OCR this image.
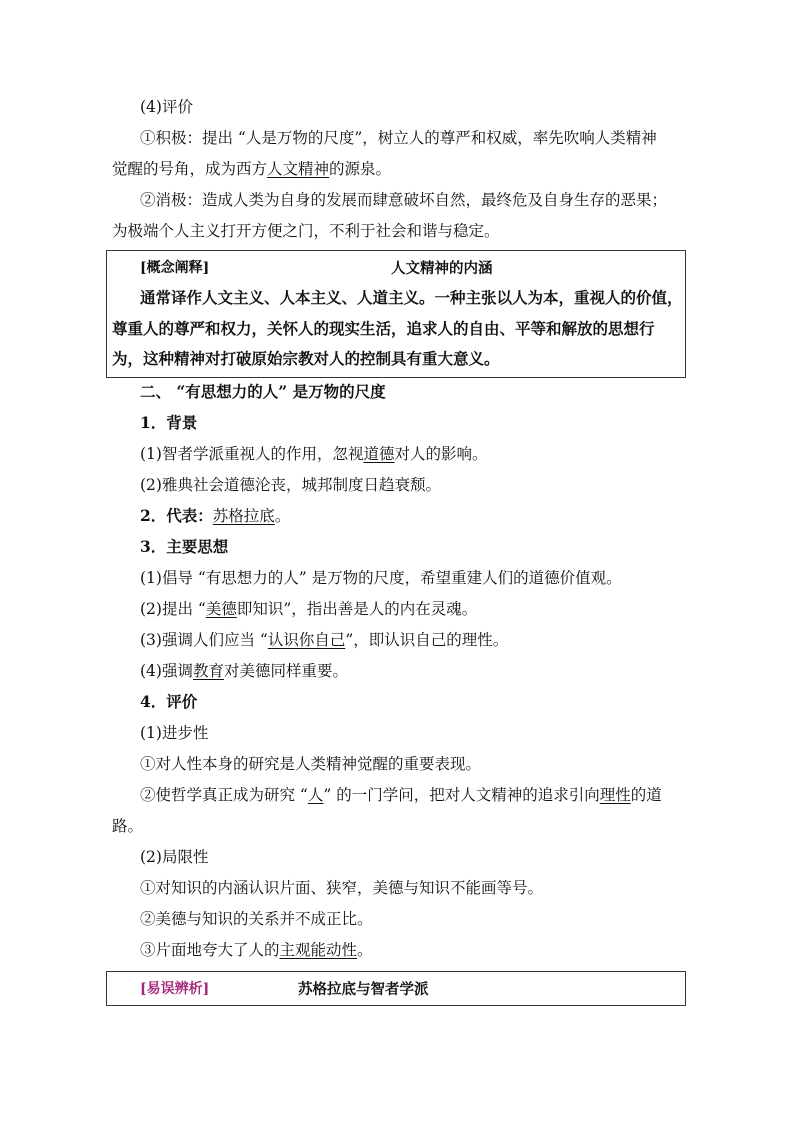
(4)评价
①积极：提出 “人是万物的尺度”，树立人的尊严和权威，率先吹响人类精神
觉醒的号角，成为西方人文精神的源泉。
②消极：造成人类为自身的发展而肆意破坏自然，最终危及自身生存的恶果；
为极端个人主义打开方便之门，不利于社会和谐与稳定。
[概念阐释]	人文精神的内涵
通常译作人文主义、人本主义、人道主义。一种主张以人为本，重视人的价值，
尊重人的尊严和权力，关怀人的现实生活，追求人的自由、平等和解放的思想行
为，这种精神对打破原始宗教对人的控制具有重大意义。
二、 “有思想力的人” 是万物的尺度
1．背景
(1)智者学派重视人的作用，忽视道德对人的影响。
(2)雅典社会道德沦丧，城邦制度日趋衰颓。
2．代表：苏格拉底。
3．主要思想
(1)倡导 “有思想力的人” 是万物的尺度，希望重建人们的道德价值观。
(2)提出 “美德即知识”，指出善是人的内在灵魂。
(3)强调人们应当 “认识你自己”，即认识自己的理性。
(4)强调教育对美德同样重要。
4．评价
(1)进步性
①对人性本身的研究是人类精神觉醒的重要表现。
②使哲学真正成为研究 “人” 的一门学问，把对人文精神的追求引向理性的道
路。
(2)局限性
①对知识的内涵认识片面、狭窄，美德与知识不能画等号。
②美德与知识的关系并不成正比。
③片面地夸大了人的主观能动性。
[易误辨析]	苏格拉底与智者学派
